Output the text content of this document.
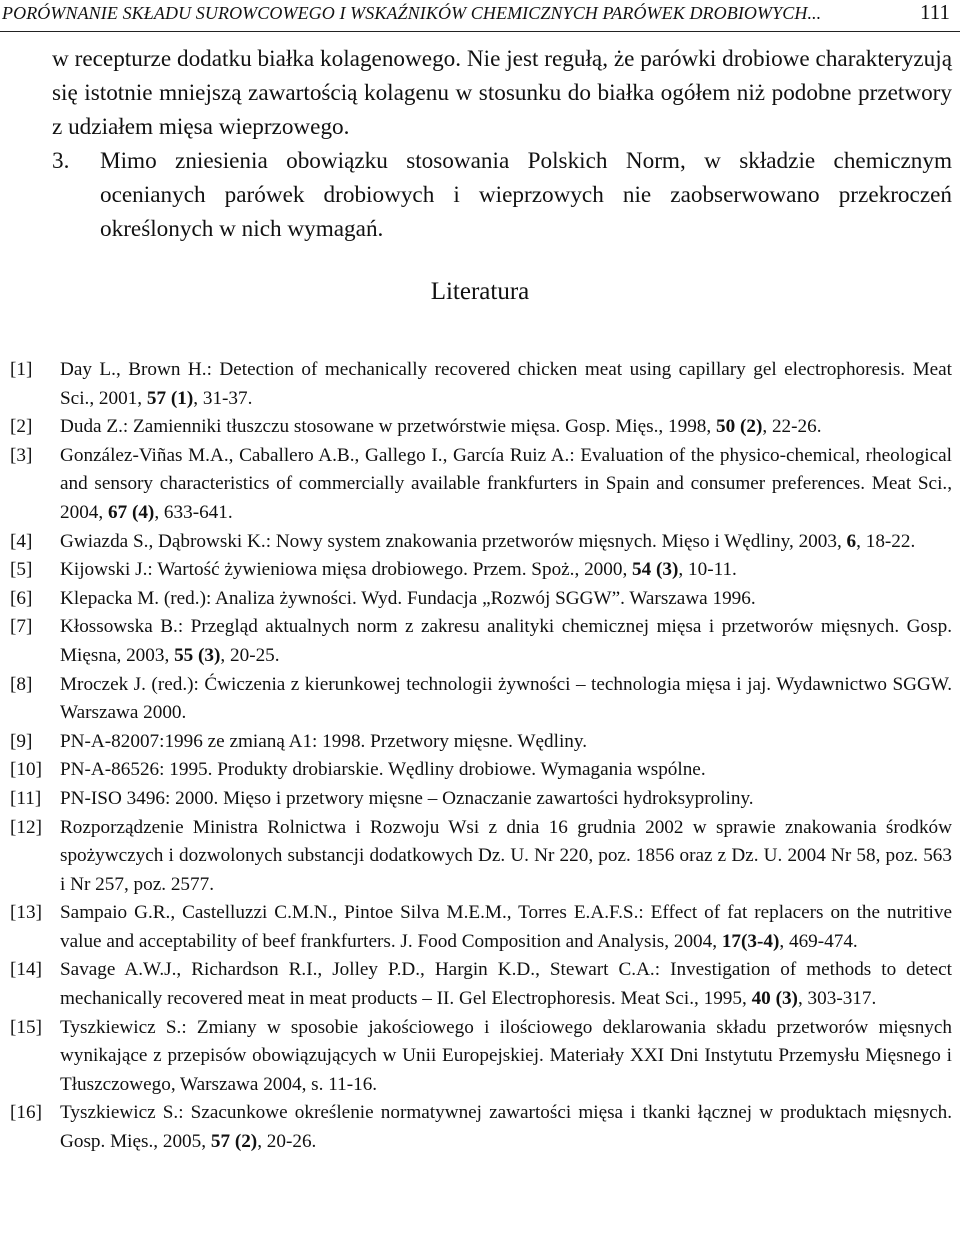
PORÓWNANIE SKŁADU SUROWCOWEGO I WSKAŹNIKÓW CHEMICZNYCH PARÓWEK DROBIOWYCH...	111

w recepturze dodatku białka kolagenowego. Nie jest regułą, że parówki drobiowe charakteryzują się istotnie mniejszą zawartością kolagenu w stosunku do białka ogółem niż podobne przetwory z udziałem mięsa wieprzowego.

3. Mimo zniesienia obowiązku stosowania Polskich Norm, w składzie chemicznym ocenianych parówek drobiowych i wieprzowych nie zaobserwowano przekroczeń określonych w nich wymagań.

Literatura
[1] Day L., Brown H.: Detection of mechanically recovered chicken meat using capillary gel electrophoresis. Meat Sci., 2001, 57 (1), 31-37.
[2] Duda Z.: Zamienniki tłuszczu stosowane w przetwórstwie mięsa. Gosp. Mięs., 1998, 50 (2), 22-26.
[3] González-Viñas M.A., Caballero A.B., Gallego I., García Ruiz A.: Evaluation of the physico-chemical, rheological and sensory characteristics of commercially available frankfurters in Spain and consumer preferences. Meat Sci., 2004, 67 (4), 633-641.
[4] Gwiazda S., Dąbrowski K.: Nowy system znakowania przetworów mięsnych. Mięso i Wędliny, 2003, 6, 18-22.
[5] Kijowski J.: Wartość żywieniowa mięsa drobiowego. Przem. Spoż., 2000, 54 (3), 10-11.
[6] Klepacka M. (red.): Analiza żywności. Wyd. Fundacja „Rozwój SGGW”. Warszawa 1996.
[7] Kłossowska B.: Przegląd aktualnych norm z zakresu analityki chemicznej mięsa i przetworów mięsnych. Gosp. Mięsna, 2003, 55 (3), 20-25.
[8] Mroczek J. (red.): Ćwiczenia z kierunkowej technologii żywności – technologia mięsa i jaj. Wydawnictwo SGGW. Warszawa 2000.
[9] PN-A-82007:1996 ze zmianą A1: 1998. Przetwory mięsne. Wędliny.
[10] PN-A-86526: 1995. Produkty drobiarskie. Wędliny drobiowe. Wymagania wspólne.
[11] PN-ISO 3496: 2000. Mięso i przetwory mięsne – Oznaczanie zawartości hydroksyproliny.
[12] Rozporządzenie Ministra Rolnictwa i Rozwoju Wsi z dnia 16 grudnia 2002 w sprawie znakowania środków spożywczych i dozwolonych substancji dodatkowych Dz. U. Nr 220, poz. 1856 oraz z Dz. U. 2004 Nr 58, poz. 563 i Nr 257, poz. 2577.
[13] Sampaio G.R., Castelluzzi C.M.N., Pintoe Silva M.E.M., Torres E.A.F.S.: Effect of fat replacers on the nutritive value and acceptability of beef frankfurters. J. Food Composition and Analysis, 2004, 17(3-4), 469-474.
[14] Savage A.W.J., Richardson R.I., Jolley P.D., Hargin K.D., Stewart C.A.: Investigation of methods to detect mechanically recovered meat in meat products – II. Gel Electrophoresis. Meat Sci., 1995, 40 (3), 303-317.
[15] Tyszkiewicz S.: Zmiany w sposobie jakościowego i ilościowego deklarowania składu przetworów mięsnych wynikające z przepisów obowiązujących w Unii Europejskiej. Materiały XXI Dni Instytutu Przemysłu Mięsnego i Tłuszczowego, Warszawa 2004, s. 11-16.
[16] Tyszkiewicz S.: Szacunkowe określenie normatywnej zawartości mięsa i tkanki łącznej w produktach mięsnych. Gosp. Mięs., 2005, 57 (2), 20-26.
